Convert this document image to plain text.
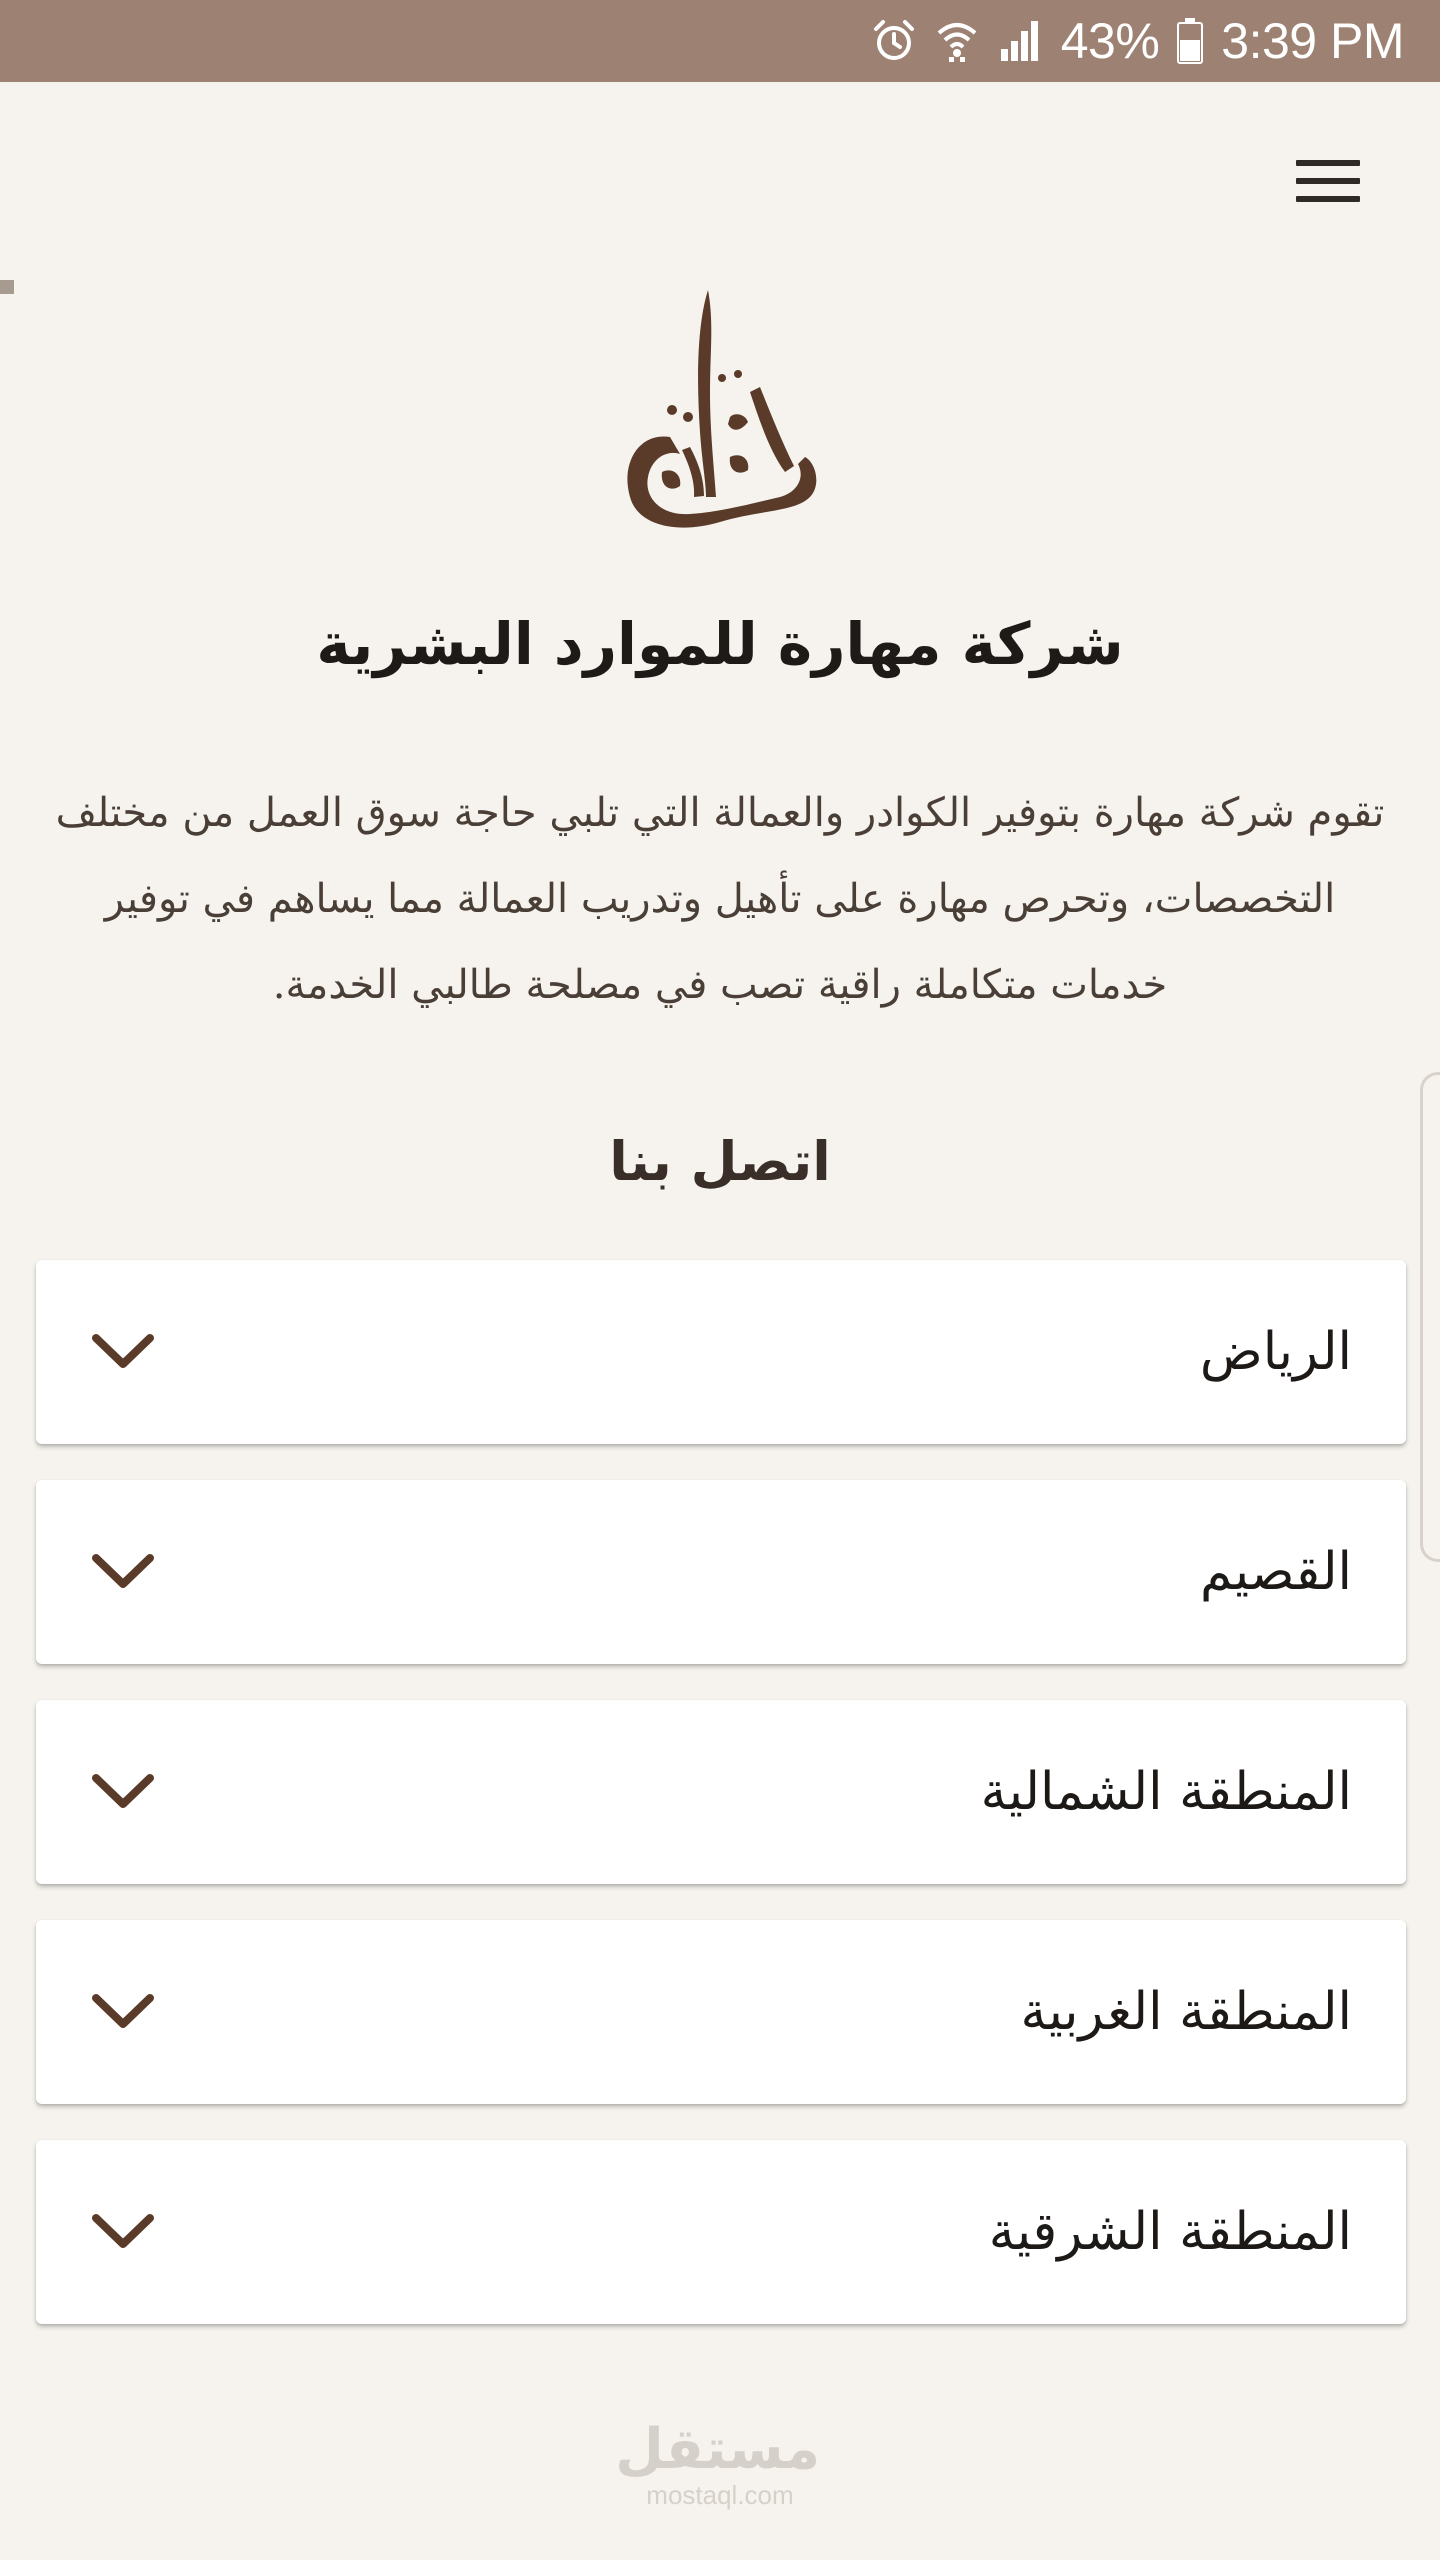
43% 3:39 PM
شركة مهارة للموارد البشرية

تقوم شركة مهارة بتوفير الكوادر والعمالة التي تلبي حاجة سوق العمل من مختلف التخصصات، وتحرص مهارة على تأهيل وتدريب العمالة مما يساهم في توفير خدمات متكاملة راقية تصب في مصلحة طالبي الخدمة.

اتصل بنا
الرياض
القصيم
المنطقة الشمالية
المنطقة الغربية
المنطقة الشرقية
مستقل
mostaql.com
